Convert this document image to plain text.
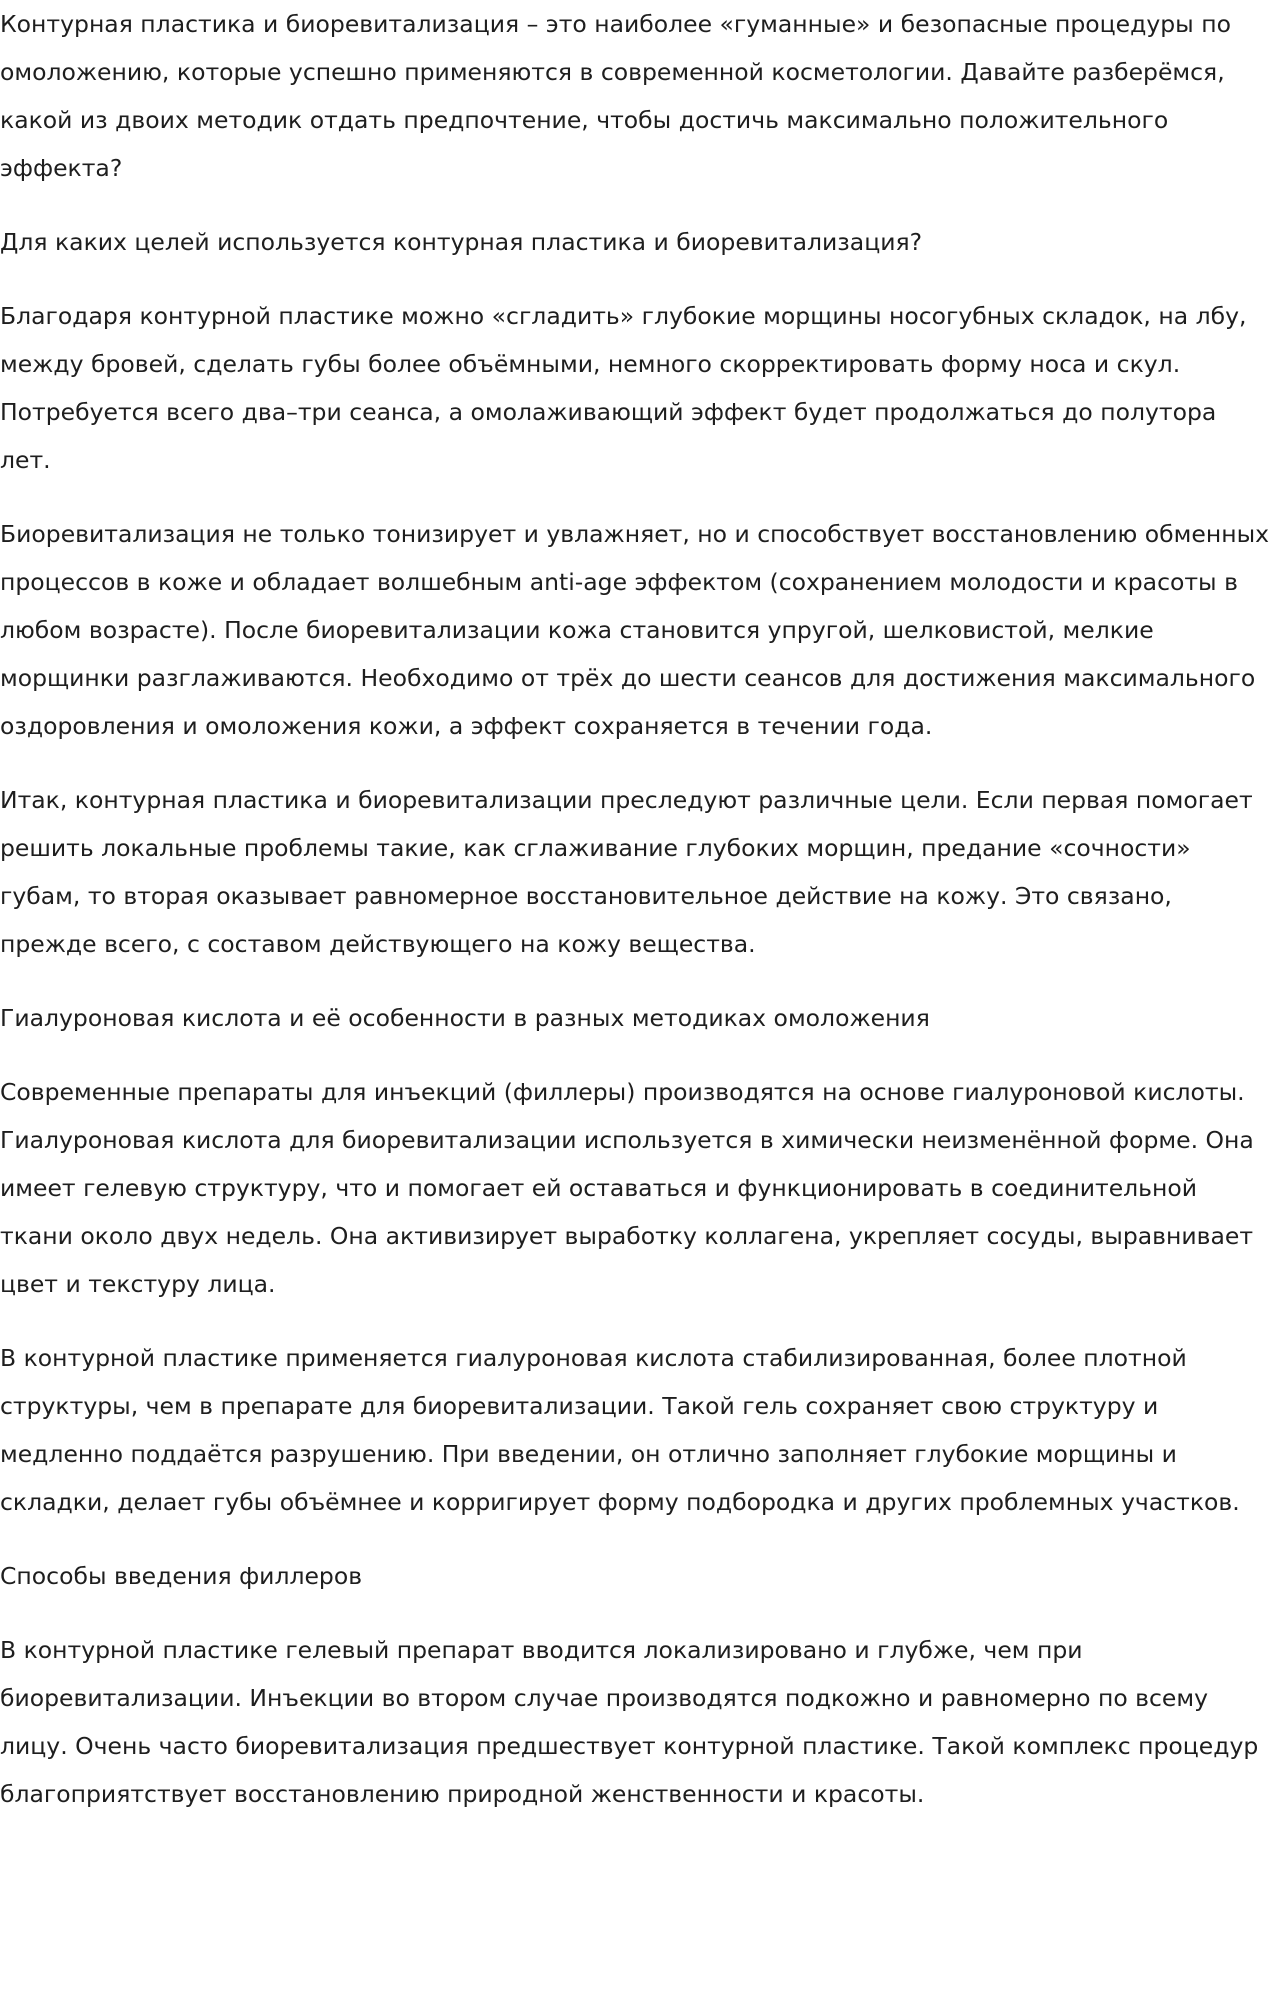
Контурная пластика и биоревитализация – это наиболее «гуманные» и безопасные процедуры по омоложению, которые успешно применяются в современной косметологии. Давайте разберёмся, какой из двоих методик отдать предпочтение, чтобы достичь максимально положительного эффекта?

Для каких целей используется контурная пластика и биоревитализация?

Благодаря контурной пластике можно «сгладить» глубокие морщины носогубных складок, на лбу, между бровей, сделать губы более объёмными, немного скорректировать форму носа и скул. Потребуется всего два–три сеанса, а омолаживающий эффект будет продолжаться до полутора лет.

Биоревитализация не только тонизирует и увлажняет, но и способствует восстановлению обменных процессов в коже и обладает волшебным anti-age эффектом (сохранением молодости и красоты в любом возрасте). После биоревитализации кожа становится упругой, шелковистой, мелкие морщинки разглаживаются. Необходимо от трёх до шести сеансов для достижения максимального оздоровления и омоложения кожи, а эффект сохраняется в течении года.

Итак, контурная пластика и биоревитализации преследуют различные цели. Если первая помогает решить локальные проблемы такие, как сглаживание глубоких морщин, предание «сочности» губам, то вторая оказывает равномерное восстановительное действие на кожу. Это связано, прежде всего, с составом действующего на кожу вещества.

Гиалуроновая кислота и её особенности в разных методиках омоложения

Современные препараты для инъекций (филлеры) производятся на основе гиалуроновой кислоты. Гиалуроновая кислота для биоревитализации используется в химически неизменённой форме. Она имеет гелевую структуру, что и помогает ей оставаться и функционировать в соединительной ткани около двух недель. Она активизирует выработку коллагена, укрепляет сосуды, выравнивает цвет и текстуру лица.

В контурной пластике применяется гиалуроновая кислота стабилизированная, более плотной структуры, чем в препарате для биоревитализации. Такой гель сохраняет свою структуру и медленно поддаётся разрушению. При введении, он отлично заполняет глубокие морщины и складки, делает губы объёмнее и корригирует форму подбородка и других проблемных участков.

Способы введения филлеров

В контурной пластике гелевый препарат вводится локализировано и глубже, чем при биоревитализации. Инъекции во втором случае производятся подкожно и равномерно по всему лицу. Очень часто биоревитализация предшествует контурной пластике. Такой комплекс процедур благоприятствует восстановлению природной женственности и красоты.
